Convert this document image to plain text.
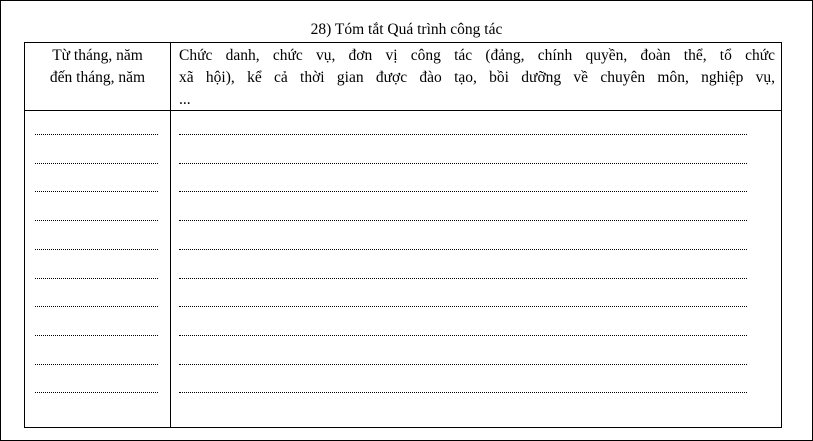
28) Tóm tắt Quá trình công tác
Từ tháng, năm
đến tháng, năm
Chức danh, chức vụ, đơn vị công tác (đảng, chính quyền, đoàn thể, tổ chức
xã hội), kể cả thời gian được đào tạo, bồi dưỡng về chuyên môn, nghiệp vụ,
...
